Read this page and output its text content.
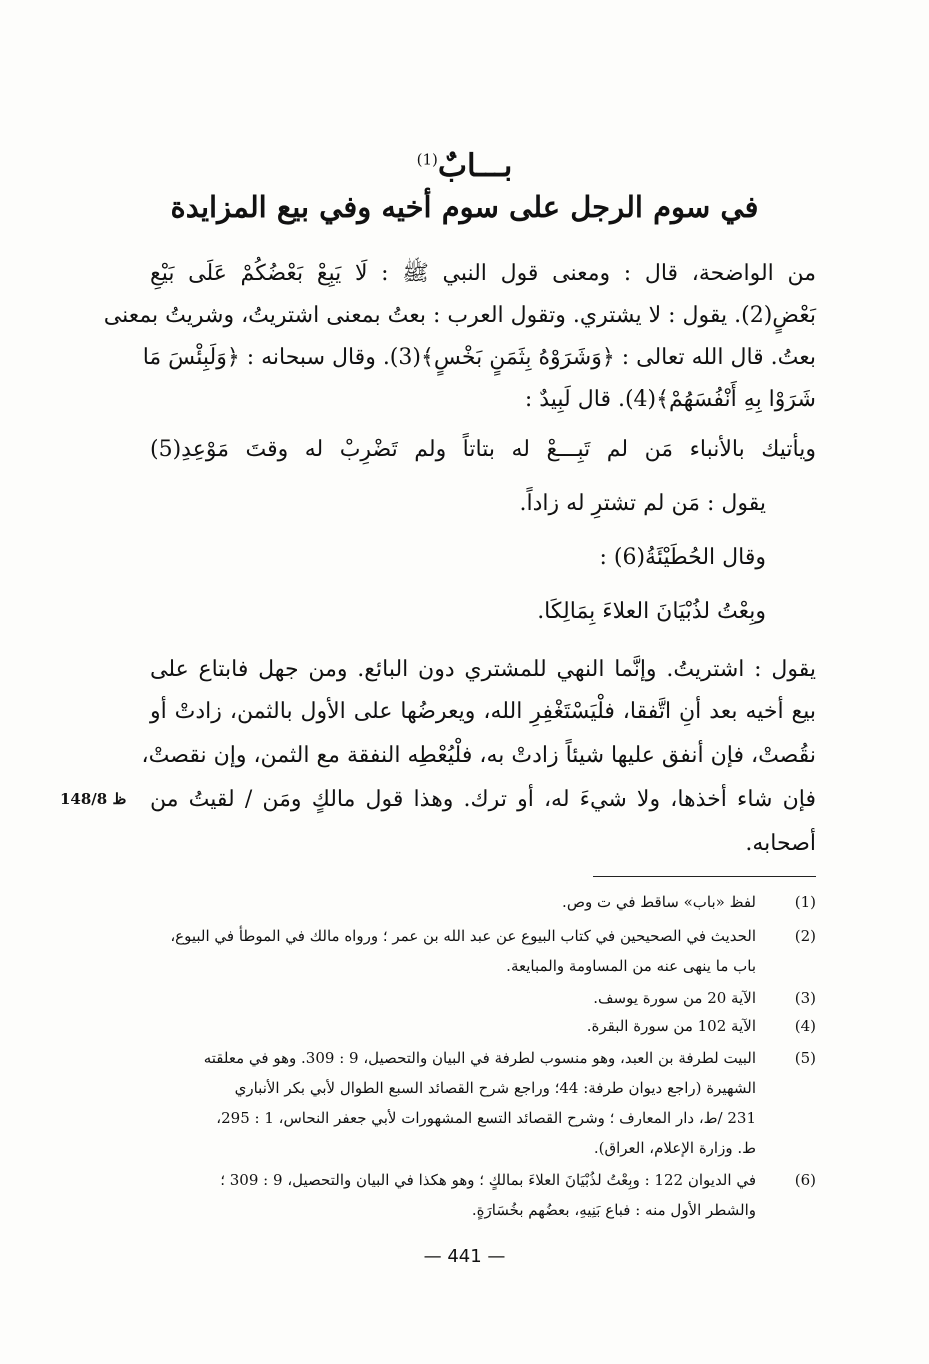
بـــابٌ$^{(1)}$
في سوم الرجل على سوم أخيه وفي بيع المزايدة
من الواضحة، قال : ومعنى قول النبي ﷺ : لَا يَبِعْ بَعْضُكُمْ عَلَى بَيْعِ
بَعْضٍ(2). يقول : لا يشتري. وتقول العرب : بعتُ بمعنى اشتريتُ، وشريتُ بمعنى
بعتُ. قال الله تعالى : ﴿وَشَرَوْهُ بِثَمَنٍ بَخْسٍ﴾(3). وقال سبحانه : ﴿وَلَبِئْسَ مَا
شَرَوْا بِهِ أَنْفُسَهُمْ﴾(4). قال لَبِيدٌ :
ويأتيك بالأنباء مَن لم تَبِـــعْ له بتاتاً ولم تَضْرِبْ له وقتَ مَوْعِدِ(5)
يقول : مَن لم تشترِ له زاداً.
وقال الحُطَيْئَةُ(6) :
وبِعْتُ لذُبْيَانَ العلاءَ بِمَالِكَا.
يقول : اشتريتُ. وإنَّما النهي للمشتري دون البائع. ومن جهل فابتاع على
بيع أخيه بعد أنِ اتَّفقا، فلْيَسْتَغْفِرِ الله، ويعرضُها على الأول بالثمن، زادتْ أو
نقُصتْ، فإن أنفق عليها شيئاً زادتْ به، فلْيُعْطِه النفقة مع الثمن، وإن نقصتْ،
فإن شاء أخذها، ولا شيءَ له، أو ترك. وهذا قول مالكٍ ومَن / لقيتُ من
أصحابه.
148/8 ظ
(1)لفظ «باب» ساقط في ت وص.
(2)الحديث في الصحيحين في كتاب البيوع عن عبد الله بن عمر ؛ ورواه مالك في الموطأ في البيوع،
باب ما ينهى عنه من المساومة والمبايعة.
(3)الآية 20 من سورة يوسف.
(4)الآية 102 من سورة البقرة.
(5)البيت لطرفة بن العبد، وهو منسوب لطرفة في البيان والتحصيل، 9 : 309. وهو في معلقته
الشهيرة (راجع ديوان طرفة: 44؛ وراجع شرح القصائد السبع الطوال لأبي بكر الأنباري
231 /ط، دار المعارف ؛ وشرح القصائد التسع المشهورات لأبي جعفر النحاس، 1 : 295،
ط. وزارة الإعلام، العراق).
(6)في الديوان 122 : وبِعْتُ لذُبْيَانَ العلاءَ بمالكٍ ؛ وهو هكذا في البيان والتحصيل، 9 : 309 ؛
والشطر الأول منه : فباع بَنِيهِ، بعضُهم بخُسَارَةٍ.
— 441 —
